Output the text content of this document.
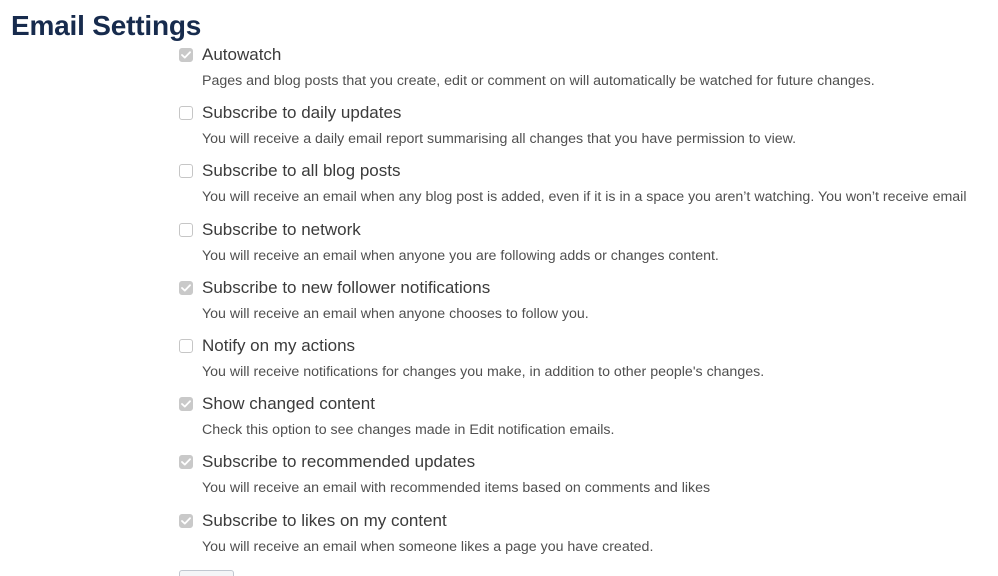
Email Settings
Autowatch
Pages and blog posts that you create, edit or comment on will automatically be watched for future changes.
Subscribe to daily updates
You will receive a daily email report summarising all changes that you have permission to view.
Subscribe to all blog posts
You will receive an email when any blog post is added, even if it is in a space you aren’t watching. You won’t receive email
Subscribe to network
You will receive an email when anyone you are following adds or changes content.
Subscribe to new follower notifications
You will receive an email when anyone chooses to follow you.
Notify on my actions
You will receive notifications for changes you make, in addition to other people's changes.
Show changed content
Check this option to see changes made in Edit notification emails.
Subscribe to recommended updates
You will receive an email with recommended items based on comments and likes
Subscribe to likes on my content
You will receive an email when someone likes a page you have created.
